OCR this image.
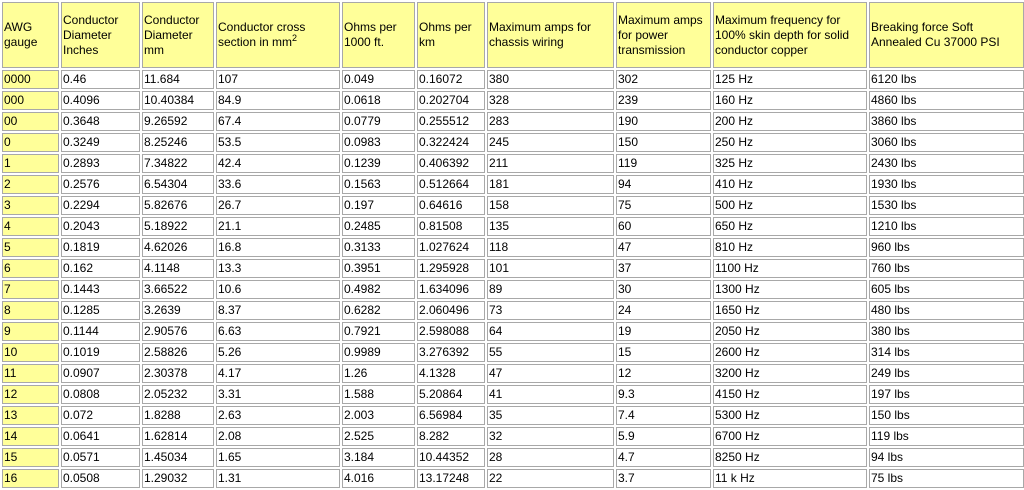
AWG gauge	Conductor Diameter Inches	Conductor Diameter mm	Conductor cross section in $mm^2$	Ohms per 1000 ft.	Ohms per km	Maximum amps for chassis wiring	Maximum amps for power transmission	Maximum frequency for 100% skin depth for solid conductor copper	Breaking force Soft Annealed Cu 37000 PSI
0000	0.46	11.684	107	0.049	0.16072	380	302	125 Hz	6120 lbs
000	0.4096	10.40384	84.9	0.0618	0.202704	328	239	160 Hz	4860 lbs
00	0.3648	9.26592	67.4	0.0779	0.255512	283	190	200 Hz	3860 lbs
0	0.3249	8.25246	53.5	0.0983	0.322424	245	150	250 Hz	3060 lbs
1	0.2893	7.34822	42.4	0.1239	0.406392	211	119	325 Hz	2430 lbs
2	0.2576	6.54304	33.6	0.1563	0.512664	181	94	410 Hz	1930 lbs
3	0.2294	5.82676	26.7	0.197	0.64616	158	75	500 Hz	1530 lbs
4	0.2043	5.18922	21.1	0.2485	0.81508	135	60	650 Hz	1210 lbs
5	0.1819	4.62026	16.8	0.3133	1.027624	118	47	810 Hz	960 lbs
6	0.162	4.1148	13.3	0.3951	1.295928	101	37	1100 Hz	760 lbs
7	0.1443	3.66522	10.6	0.4982	1.634096	89	30	1300 Hz	605 lbs
8	0.1285	3.2639	8.37	0.6282	2.060496	73	24	1650 Hz	480 lbs
9	0.1144	2.90576	6.63	0.7921	2.598088	64	19	2050 Hz	380 lbs
10	0.1019	2.58826	5.26	0.9989	3.276392	55	15	2600 Hz	314 lbs
11	0.0907	2.30378	4.17	1.26	4.1328	47	12	3200 Hz	249 lbs
12	0.0808	2.05232	3.31	1.588	5.20864	41	9.3	4150 Hz	197 lbs
13	0.072	1.8288	2.63	2.003	6.56984	35	7.4	5300 Hz	150 lbs
14	0.0641	1.62814	2.08	2.525	8.282	32	5.9	6700 Hz	119 lbs
15	0.0571	1.45034	1.65	3.184	10.44352	28	4.7	8250 Hz	94 lbs
16	0.0508	1.29032	1.31	4.016	13.17248	22	3.7	11 k Hz	75 lbs
